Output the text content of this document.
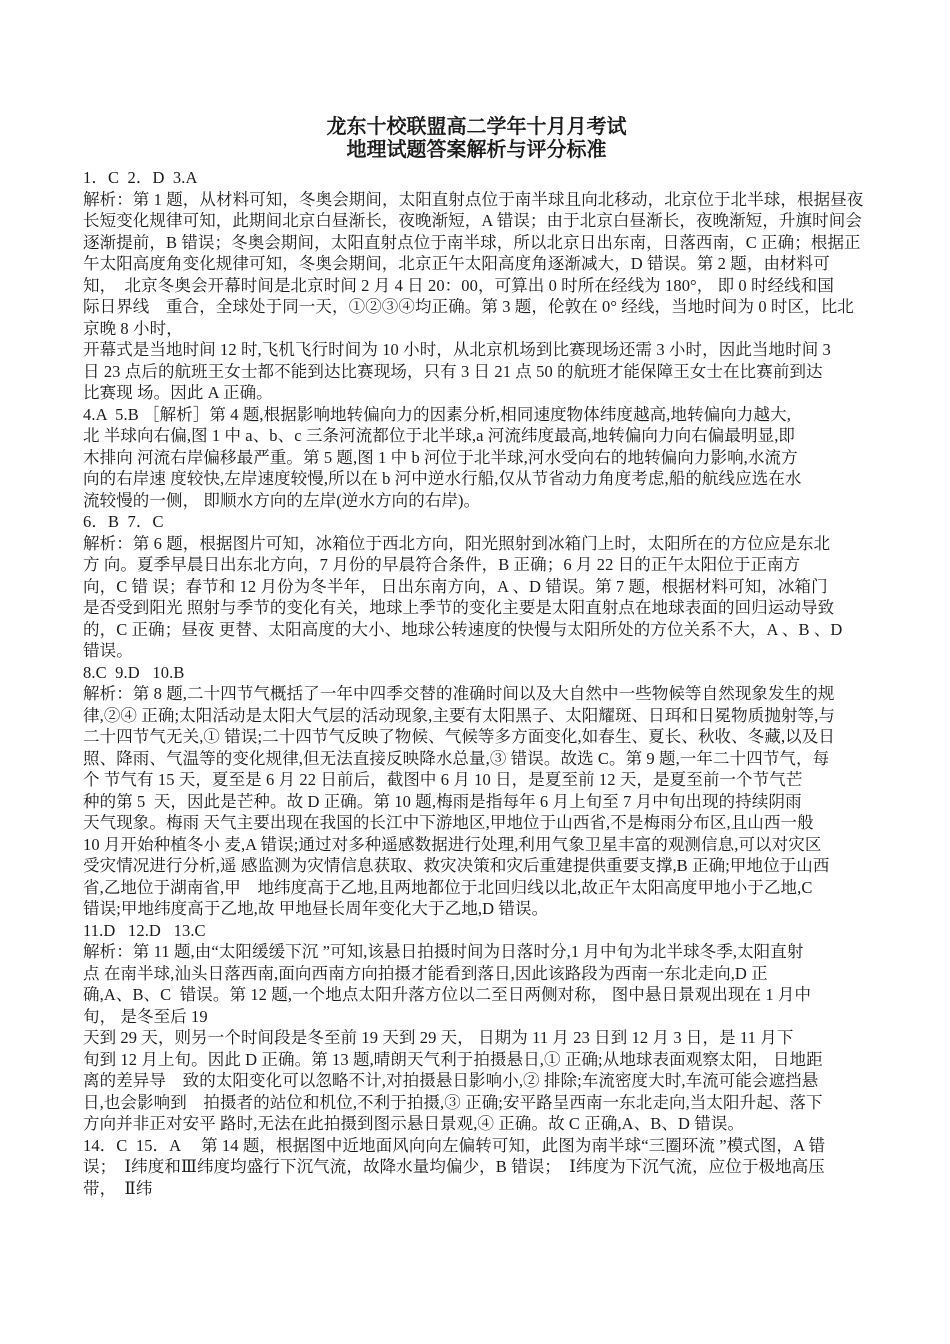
龙东十校联盟高二学年十月月考试
地理试题答案解析与评分标准
1．C  2．D  3.A
解析：第 1 题，从材料可知，冬奥会期间，太阳直射点位于南半球且向北移动，北京位于北半球，根据昼夜
长短变化规律可知，此期间北京白昼渐长，夜晚渐短，A 错误；由于北京白昼渐长，夜晚渐短，升旗时间会
逐渐提前，B 错误；冬奥会期间，太阳直射点位于南半球，所以北京日出东南，日落西南，C 正确；根据正
午太阳高度角变化规律可知，冬奥会期间，北京正午太阳高度角逐渐减大，D 错误。第 2 题，由材料可
知，　北京冬奥会开幕时间是北京时间 2 月 4 日 20：00，可算出 0 时所在经线为 180°， 即 0 时经线和国
际日界线　重合，全球处于同一天，①②③④均正确。第 3 题，伦敦在 0° 经线，当地时间为 0 时区，比北
京晚 8 小时，
开幕式是当地时间 12 时,飞机飞行时间为 10 小时，从北京机场到比赛现场还需 3 小时，因此当地时间 3
日 23 点后的航班王女士都不能到达比赛现场，只有 3 日 21 点 50 的航班才能保障王女士在比赛前到达
比赛现 场。因此 A 正确。
4.A  5.B ［解析］第 4 题,根据影响地转偏向力的因素分析,相同速度物体纬度越高,地转偏向力越大,
北 半球向右偏,图 1 中 a、b、c 三条河流都位于北半球,a 河流纬度最高,地转偏向力向右偏最明显,即
木排向 河流右岸偏移最严重。第 5 题,图 1 中 b 河位于北半球,河水受向右的地转偏向力影响,水流方
向的右岸速 度较快,左岸速度较慢,所以在 b 河中逆水行船,仅从节省动力角度考虑,船的航线应选在水
流较慢的一侧， 即顺水方向的左岸(逆水方向的右岸)。
6．B  7．C
解析：第 6 题，根据图片可知，冰箱位于西北方向，阳光照射到冰箱门上时，太阳所在的方位应是东北
方 向。夏季早晨日出东北方向，7 月份的早晨符合条件，B 正确；6 月 22 日的正午太阳位于正南方
向，C 错 误；春节和 12 月份为冬半年， 日出东南方向，A 、D 错误。第 7 题，根据材料可知，冰箱门
是否受到阳光 照射与季节的变化有关，地球上季节的变化主要是太阳直射点在地球表面的回归运动导致
的，C 正确；昼夜 更替、太阳高度的大小、地球公转速度的快慢与太阳所处的方位关系不大，A 、B 、D
错误。
8.C  9.D   10.B
解析：第 8 题,二十四节气概括了一年中四季交替的准确时间以及大自然中一些物候等自然现象发生的规
律,②④ 正确;太阳活动是太阳大气层的活动现象,主要有太阳黑子、太阳耀斑、日珥和日冕物质抛射等,与
二十四节气无关,① 错误;二十四节气反映了物候、气候等多方面变化,如春生、夏长、秋收、冬藏,以及日
照、降雨、气温等的变化规律,但无法直接反映降水总量,③ 错误。故选 C。第 9 题,一年二十四节气，每
个 节气有 15 天，夏至是 6 月 22 日前后，截图中 6 月 10 日，是夏至前 12 天，是夏至前一个节气芒
种的第 5  天，因此是芒种。故 D 正确。第 10 题,梅雨是指每年 6 月上旬至 7 月中旬出现的持续阴雨
天气现象。梅雨 天气主要出现在我国的长江中下游地区,甲地位于山西省,不是梅雨分布区,且山西一般
10 月开始种植冬小 麦,A 错误;通过对多种遥感数据进行处理,利用气象卫星丰富的观测信息,可以对灾区
受灾情况进行分析,遥 感监测为灾情信息获取、救灾决策和灾后重建提供重要支撑,B 正确;甲地位于山西
省,乙地位于湖南省,甲　地纬度高于乙地,且两地都位于北回归线以北,故正午太阳高度甲地小于乙地,C
错误;甲地纬度高于乙地,故 甲地昼长周年变化大于乙地,D 错误。
11.D   12.D   13.C
解析：第 11 题,由“太阳缓缓下沉 ”可知,该悬日拍摄时间为日落时分,1 月中旬为北半球冬季,太阳直射
点 在南半球,汕头日落西南,面向西南方向拍摄才能看到落日,因此该路段为西南一东北走向,D 正
确,A、B、C  错误。第 12 题,一个地点太阳升落方位以二至日两侧对称， 图中悬日景观出现在 1 月中
旬， 是冬至后 19
天到 29 天，则另一个时间段是冬至前 19 天到 29 天， 日期为 11 月 23 日到 12 月 3 日，是 11 月下
旬到 12 月上旬。因此 D 正确。第 13 题,晴朗天气利于拍摄悬日,① 正确;从地球表面观察太阳， 日地距
离的差异导　致的太阳变化可以忽略不计,对拍摄悬日影响小,② 排除;车流密度大时,车流可能会遮挡悬
日,也会影响到　拍摄者的站位和机位,不利于拍摄,③ 正确;安平路呈西南一东北走向,当太阳升起、落下
方向并非正对安平 路时,无法在此拍摄到图示悬日景观,④ 正确。故 C 正确,A、B、D 错误。
14．C  15．A　 第 14 题，根据图中近地面风向向左偏转可知，此图为南半球“三圈环流 ”模式图，A 错
误；　Ⅰ纬度和Ⅲ纬度均盛行下沉气流，故降水量均偏少，B 错误；　Ⅰ纬度为下沉气流，应位于极地高压
带，　Ⅱ纬
